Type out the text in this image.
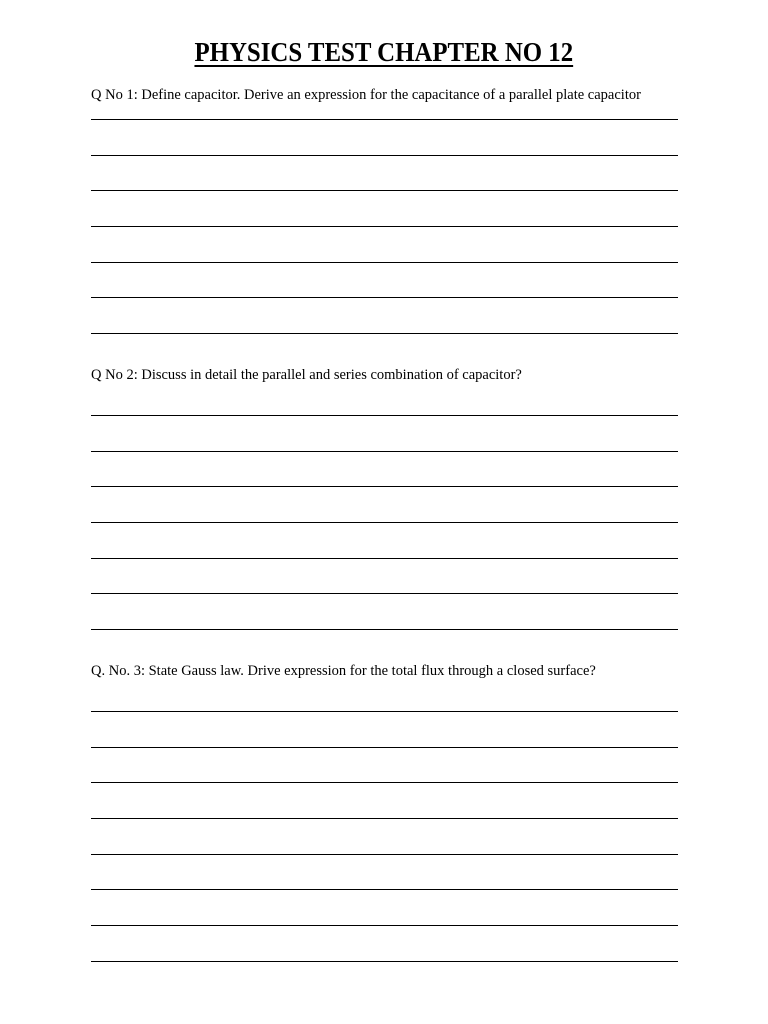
PHYSICS TEST CHAPTER NO 12
Q No 1: Define capacitor. Derive an expression for the capacitance of a parallel plate capacitor
Q No 2: Discuss in detail the parallel and series combination of capacitor?
Q. No. 3: State Gauss law. Drive expression for the total flux through a closed surface?
